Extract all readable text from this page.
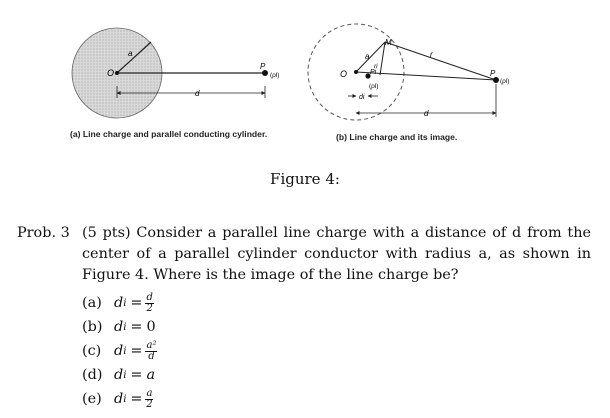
O
a
P
(ρl)
d
O
a
M
ri
r
Pi
(ρl)
di
P
(ρl)
d
(a) Line charge and parallel conducting cylinder.	(b) Line charge and its image.
Figure 4:
Prob. 3 (5 pts) Consider a parallel line charge with a distance of d from the center of a parallel cylinder conductor with radius a, as shown in Figure 4. Where is the image of the line charge be?
(a) d $i = \frac{d}{2}$
(b) d i = 0
(c) d $i = \frac{\text{a²}}{d}$
(d) d i = a
(e) d $i = \frac{a}{2}$
